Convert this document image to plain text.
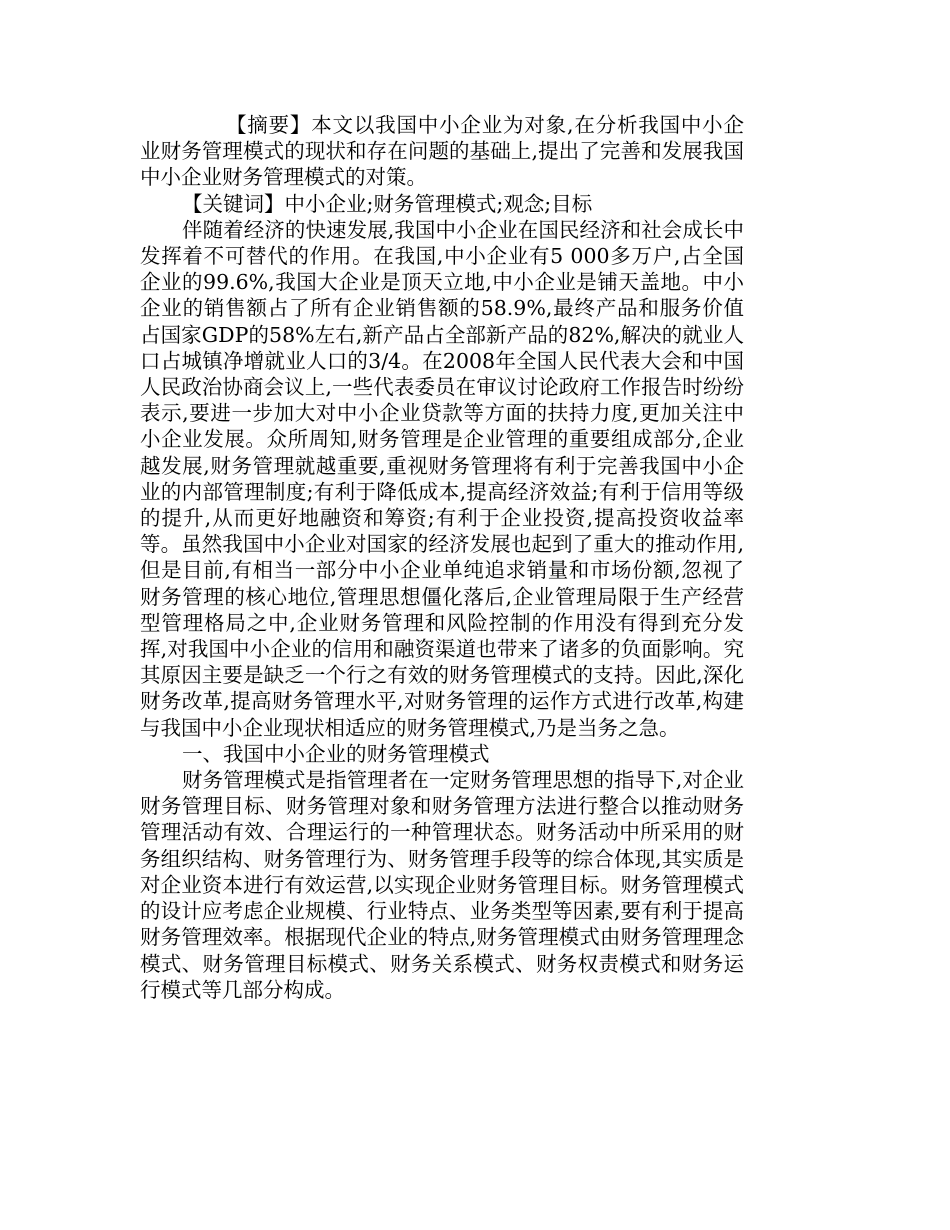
【摘要】本文以我国中小企业为对象,在分析我国中小企业财务管理模式的现状和存在问题的基础上,提出了完善和发展我国中小企业财务管理模式的对策。

【关键词】中小企业;财务管理模式;观念;目标

伴随着经济的快速发展,我国中小企业在国民经济和社会成长中发挥着不可替代的作用。在我国,中小企业有5 000多万户,占全国企业的99.6%,我国大企业是顶天立地,中小企业是铺天盖地。中小企业的销售额占了所有企业销售额的58.9%,最终产品和服务价值占国家GDP的58%左右,新产品占全部新产品的82%,解决的就业人口占城镇净增就业人口的3/4。在2008年全国人民代表大会和中国人民政治协商会议上,一些代表委员在审议讨论政府工作报告时纷纷表示,要进一步加大对中小企业贷款等方面的扶持力度,更加关注中小企业发展。众所周知,财务管理是企业管理的重要组成部分,企业越发展,财务管理就越重要,重视财务管理将有利于完善我国中小企业的内部管理制度;有利于降低成本,提高经济效益;有利于信用等级的提升,从而更好地融资和筹资;有利于企业投资,提高投资收益率等。虽然我国中小企业对国家的经济发展也起到了重大的推动作用,但是目前,有相当一部分中小企业单纯追求销量和市场份额,忽视了财务管理的核心地位,管理思想僵化落后,企业管理局限于生产经营型管理格局之中,企业财务管理和风险控制的作用没有得到充分发挥,对我国中小企业的信用和融资渠道也带来了诸多的负面影响。究其原因主要是缺乏一个行之有效的财务管理模式的支持。因此,深化财务改革,提高财务管理水平,对财务管理的运作方式进行改革,构建与我国中小企业现状相适应的财务管理模式,乃是当务之急。

一、我国中小企业的财务管理模式

财务管理模式是指管理者在一定财务管理思想的指导下,对企业财务管理目标、财务管理对象和财务管理方法进行整合以推动财务管理活动有效、合理运行的一种管理状态。财务活动中所采用的财务组织结构、财务管理行为、财务管理手段等的综合体现,其实质是对企业资本进行有效运营,以实现企业财务管理目标。财务管理模式的设计应考虑企业规模、行业特点、业务类型等因素,要有利于提高财务管理效率。根据现代企业的特点,财务管理模式由财务管理理念模式、财务管理目标模式、财务关系模式、财务权责模式和财务运行模式等几部分构成。
